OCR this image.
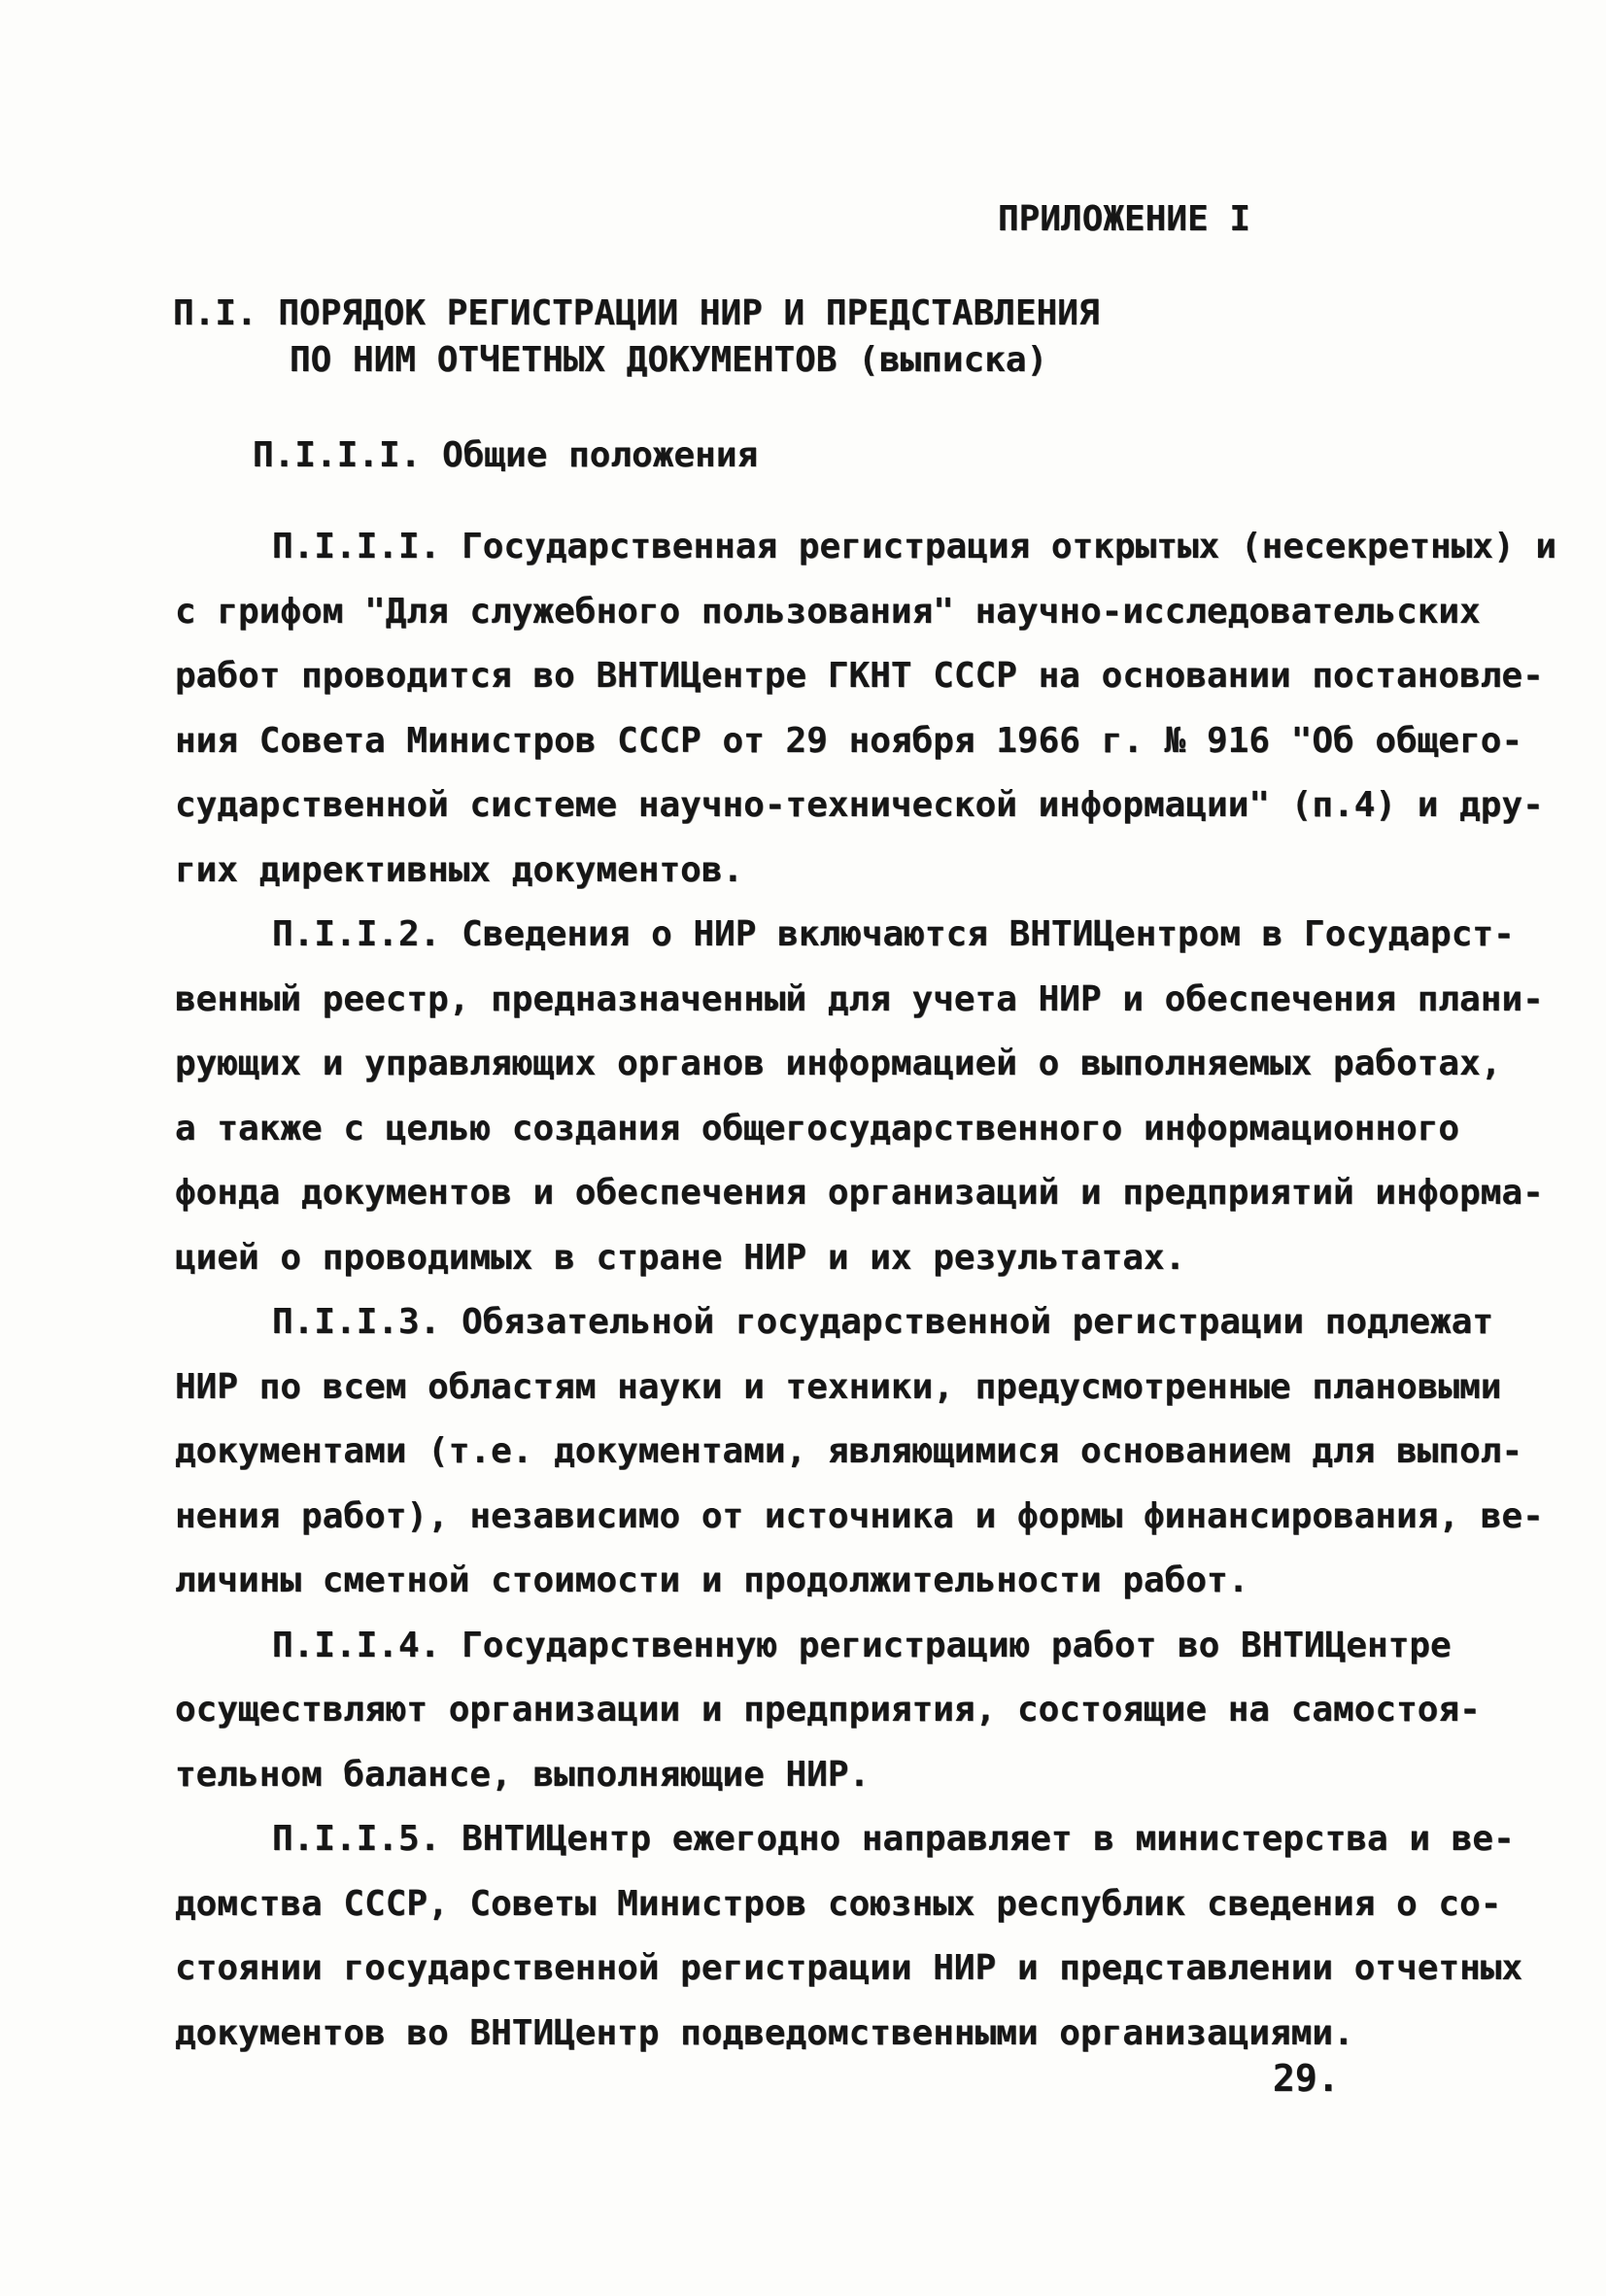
ПРИЛОЖЕНИЕ I
П.I. ПОРЯДОК РЕГИСТРАЦИИ НИР И ПРЕДСТАВЛЕНИЯ
ПО НИМ ОТЧЕТНЫХ ДОКУМЕНТОВ (выписка)
П.I.I.I. Общие положения
П.I.I.I. Государственная регистрация открытых (несекретных) и
с грифом "Для служебного пользования" научно-исследовательских
работ проводится во ВНТИЦентре ГКНТ СССР на основании постановле-
ния Совета Министров СССР от 29 ноября 1966 г. № 916 "Об общего-
сударственной системе научно-технической информации" (п.4) и дру-
гих директивных документов.
П.I.I.2. Сведения о НИР включаются ВНТИЦентром в Государст-
венный реестр, предназначенный для учета НИР и обеспечения плани-
рующих и управляющих органов информацией о выполняемых работах,
а также с целью создания общегосударственного информационного
фонда документов и обеспечения организаций и предприятий информа-
цией о проводимых в стране НИР и их результатах.
П.I.I.3. Обязательной государственной регистрации подлежат
НИР по всем областям науки и техники, предусмотренные плановыми
документами (т.е. документами, являющимися основанием для выпол-
нения работ), независимо от источника и формы финансирования, ве-
личины сметной стоимости и продолжительности работ.
П.I.I.4. Государственную регистрацию работ во ВНТИЦентре
осуществляют организации и предприятия, состоящие на самостоя-
тельном балансе, выполняющие НИР.
П.I.I.5. ВНТИЦентр ежегодно направляет в министерства и ве-
домства СССР, Советы Министров союзных республик сведения о со-
стоянии государственной регистрации НИР и представлении отчетных
документов во ВНТИЦентр подведомственными организациями.
29.
